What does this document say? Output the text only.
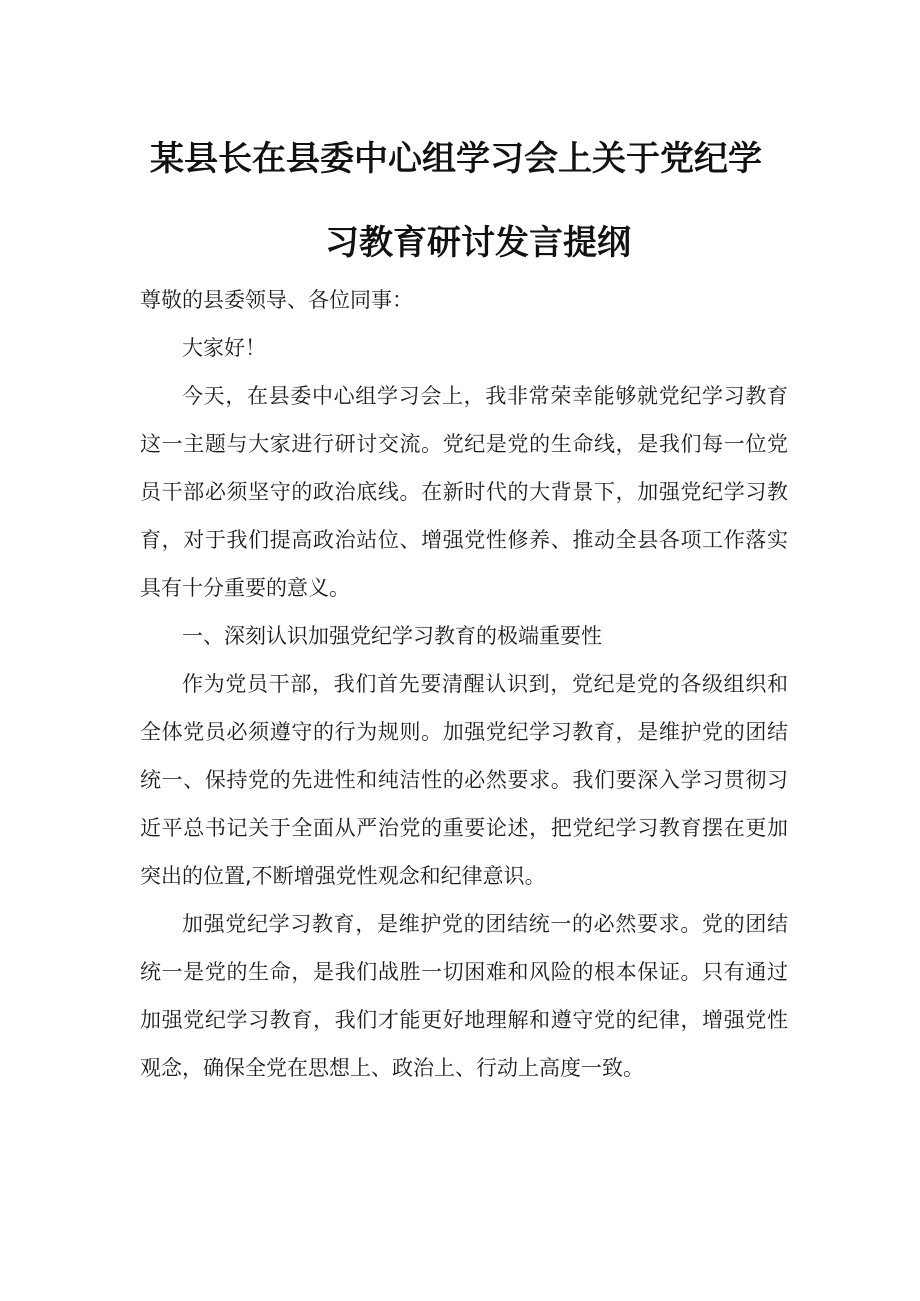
某县长在县委中心组学习会上关于党纪学
习教育研讨发言提纲

尊敬的县委领导、各位同事：

大家好！

今天，在县委中心组学习会上，我非常荣幸能够就党纪学习教育这一主题与大家进行研讨交流。党纪是党的生命线，是我们每一位党员干部必须坚守的政治底线。在新时代的大背景下，加强党纪学习教育，对于我们提高政治站位、增强党性修养、推动全县各项工作落实具有十分重要的意义。

一、深刻认识加强党纪学习教育的极端重要性

作为党员干部，我们首先要清醒认识到，党纪是党的各级组织和全体党员必须遵守的行为规则。加强党纪学习教育，是维护党的团结统一、保持党的先进性和纯洁性的必然要求。我们要深入学习贯彻习近平总书记关于全面从严治党的重要论述，把党纪学习教育摆在更加突出的位置,不断增强党性观念和纪律意识。

加强党纪学习教育，是维护党的团结统一的必然要求。党的团结统一是党的生命，是我们战胜一切困难和风险的根本保证。只有通过加强党纪学习教育，我们才能更好地理解和遵守党的纪律，增强党性观念，确保全党在思想上、政治上、行动上高度一致。
